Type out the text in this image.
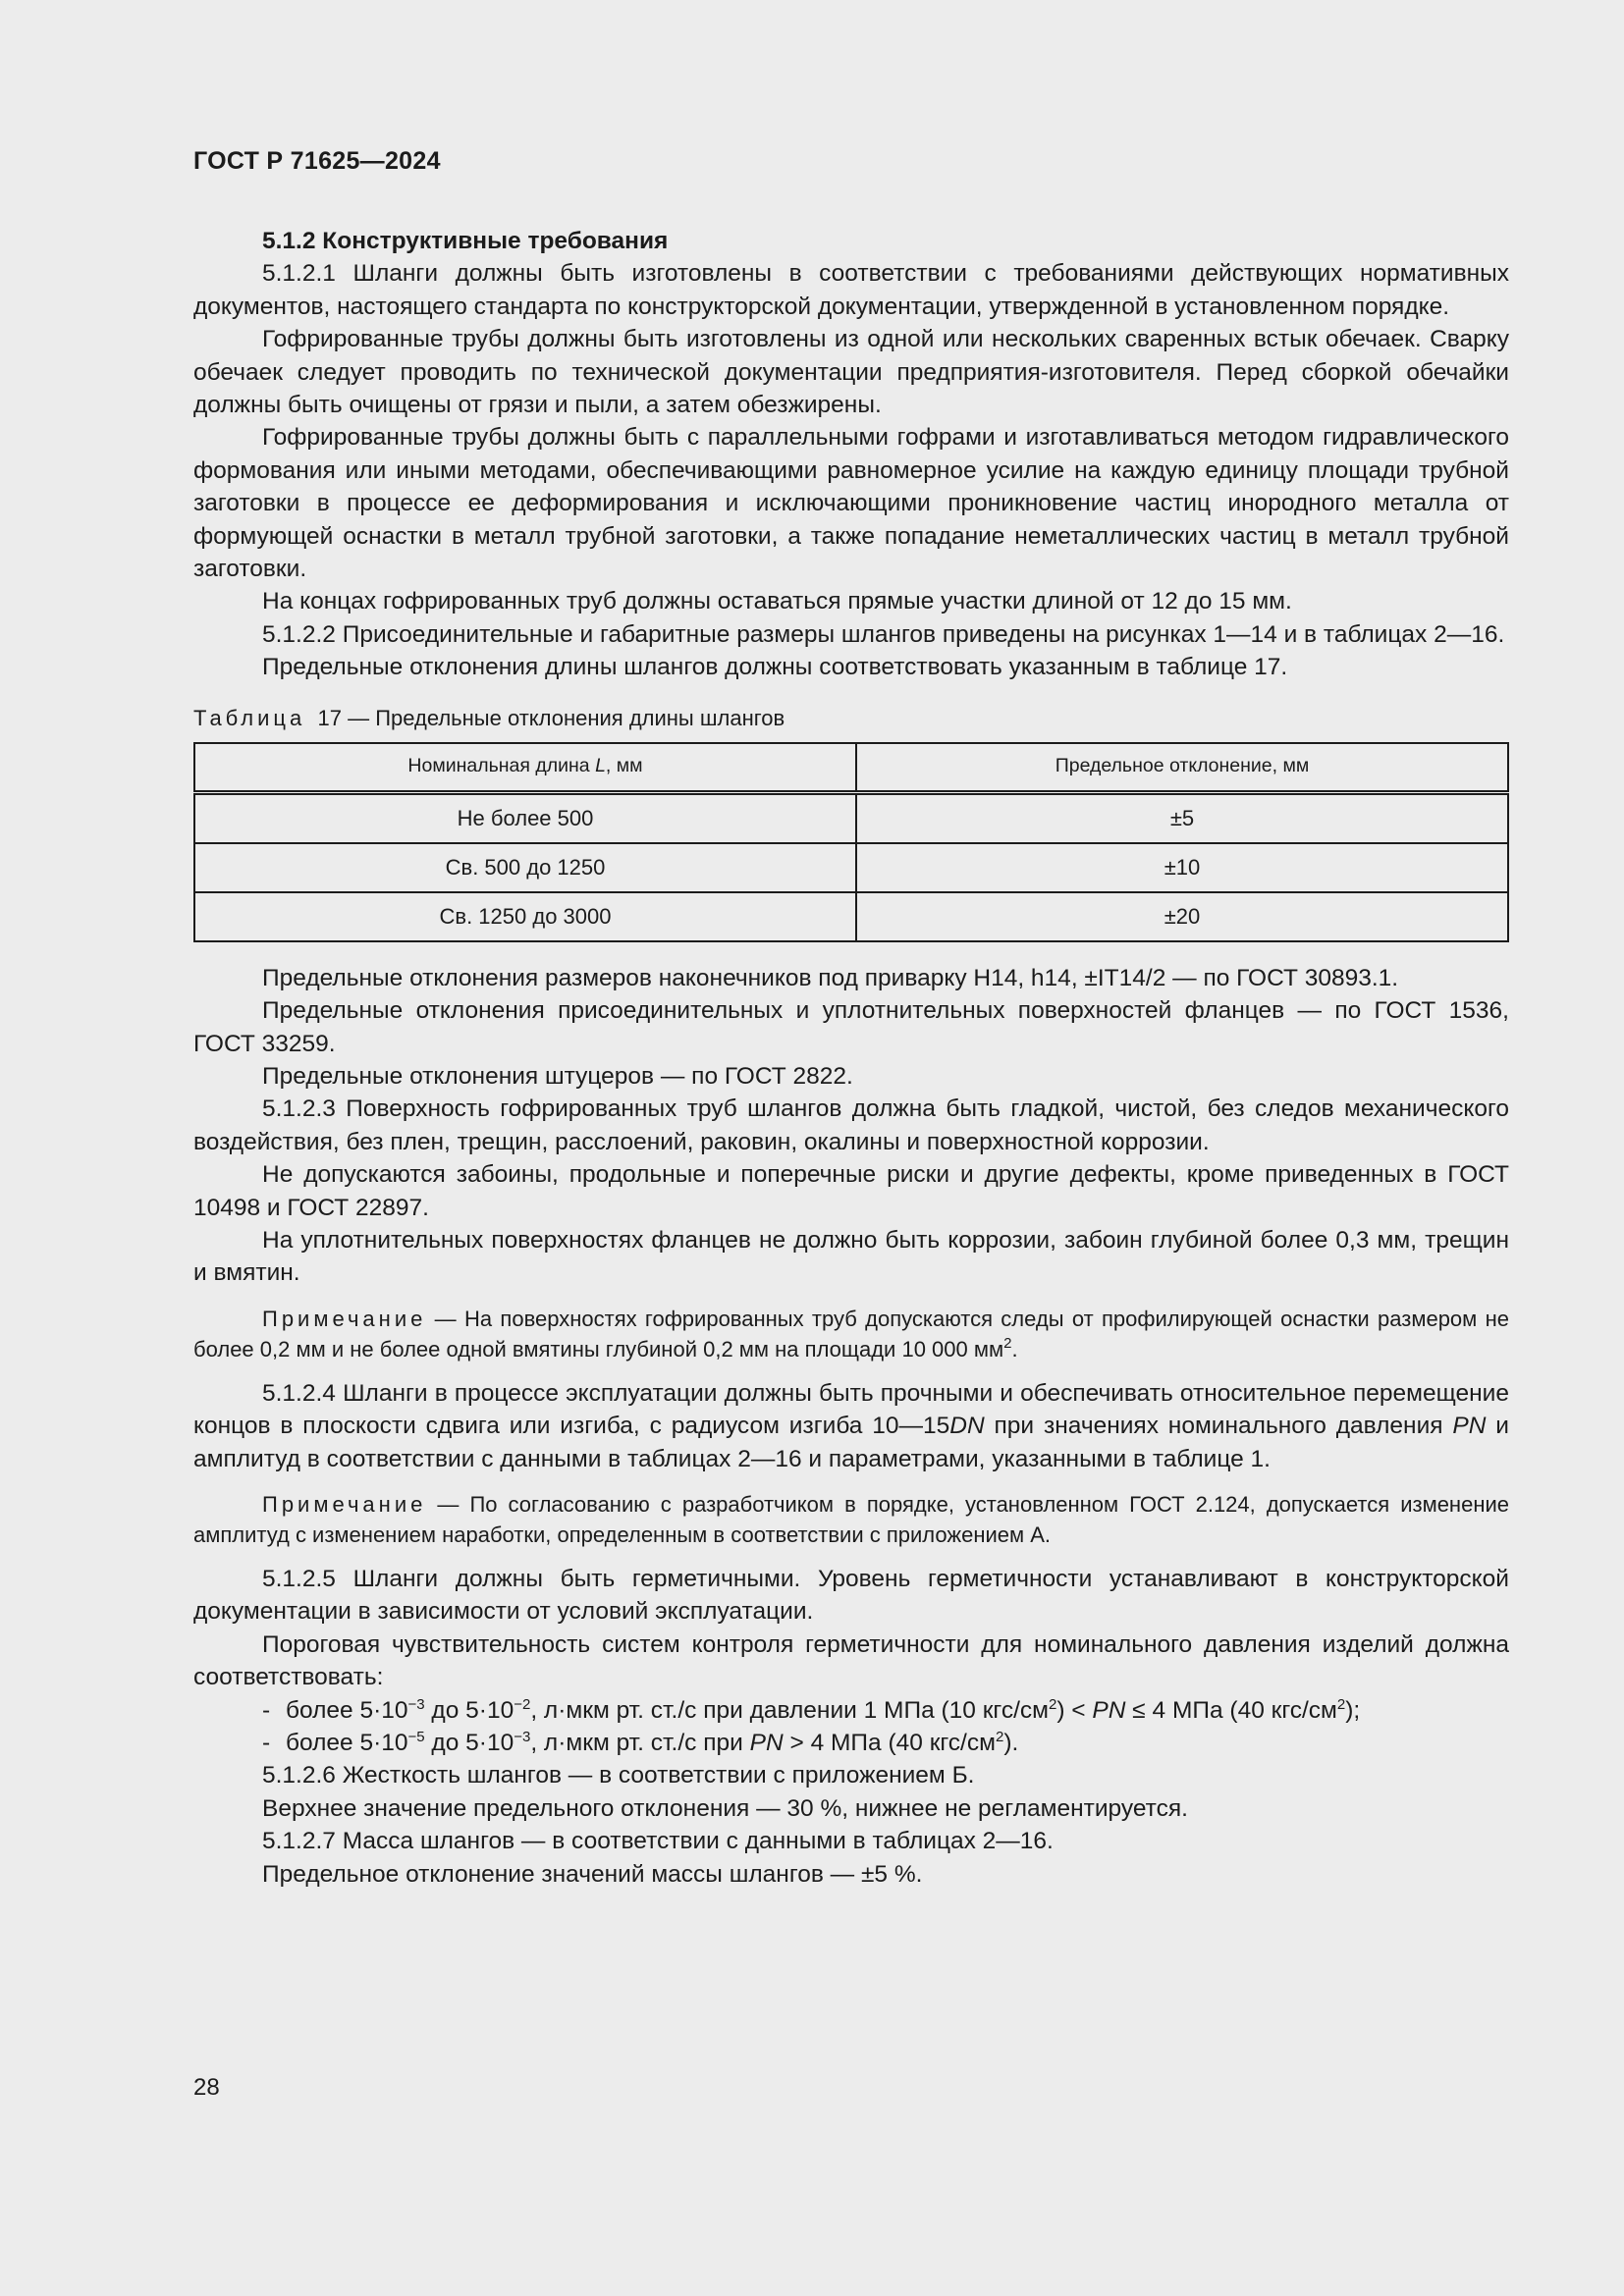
ГОСТ Р 71625—2024

5.1.2 Конструктивные требования

5.1.2.1 Шланги должны быть изготовлены в соответствии с требованиями действующих нормативных документов, настоящего стандарта по конструкторской документации, утвержденной в установленном порядке.

Гофрированные трубы должны быть изготовлены из одной или нескольких сваренных встык обечаек. Сварку обечаек следует проводить по технической документации предприятия-изготовителя. Перед сборкой обечайки должны быть очищены от грязи и пыли, а затем обезжирены.

Гофрированные трубы должны быть с параллельными гофрами и изготавливаться методом гидравлического формования или иными методами, обеспечивающими равномерное усилие на каждую единицу площади трубной заготовки в процессе ее деформирования и исключающими проникновение частиц инородного металла от формующей оснастки в металл трубной заготовки, а также попадание неметаллических частиц в металл трубной заготовки.

На концах гофрированных труб должны оставаться прямые участки длиной от 12 до 15 мм.

5.1.2.2 Присоединительные и габаритные размеры шлангов приведены на рисунках 1—14 и в таблицах 2—16.

Предельные отклонения длины шлангов должны соответствовать указанным в таблице 17.

Таблица 17 — Предельные отклонения длины шлангов
Номинальная длина L, мм	Предельное отклонение, мм
Не более 500	±5
Св. 500 до 1250	±10
Св. 1250 до 3000	±20

Предельные отклонения размеров наконечников под приварку Н14, h14, ±IT14/2 — по ГОСТ 30893.1.

Предельные отклонения присоединительных и уплотнительных поверхностей фланцев — по ГОСТ 1536, ГОСТ 33259.

Предельные отклонения штуцеров — по ГОСТ 2822.

5.1.2.3 Поверхность гофрированных труб шлангов должна быть гладкой, чистой, без следов механического воздействия, без плен, трещин, расслоений, раковин, окалины и поверхностной коррозии.

Не допускаются забоины, продольные и поперечные риски и другие дефекты, кроме приведенных в ГОСТ 10498 и ГОСТ 22897.

На уплотнительных поверхностях фланцев не должно быть коррозии, забоин глубиной более 0,3 мм, трещин и вмятин.

Примечание — На поверхностях гофрированных труб допускаются следы от профилирующей оснастки размером не более 0,2 мм и не более одной вмятины глубиной 0,2 мм на площади 10 000 $мм^2$.

5.1.2.4 Шланги в процессе эксплуатации должны быть прочными и обеспечивать относительное перемещение концов в плоскости сдвига или изгиба, с радиусом изгиба 10—15DN при значениях номинального давления PN и амплитуд в соответствии с данными в таблицах 2—16 и параметрами, указанными в таблице 1.

Примечание — По согласованию с разработчиком в порядке, установленном ГОСТ 2.124, допускается изменение амплитуд с изменением наработки, определенным в соответствии с приложением А.

5.1.2.5 Шланги должны быть герметичными. Уровень герметичности устанавливают в конструкторской документации в зависимости от условий эксплуатации.

Пороговая чувствительность систем контроля герметичности для номинального давления изделий должна соответствовать:

- более $5\cdot 10^{-3}$ до $5\cdot 10^{-2}$, л·мкм рт. ст./с при давлении 1 МПа (10 кгс/$см^2$) < PN ≤ 4 МПа (40 кгс/$см^2$);

- более $5\cdot 10^{-5}$ до $5\cdot 10^{-3}$, л·мкм рт. ст./с при PN > 4 МПа (40 кгс/$см^2$).

5.1.2.6 Жесткость шлангов — в соответствии с приложением Б.

Верхнее значение предельного отклонения — 30 %, нижнее не регламентируется.

5.1.2.7 Масса шлангов — в соответствии с данными в таблицах 2—16.

Предельное отклонение значений массы шлангов — ±5 %.

28
